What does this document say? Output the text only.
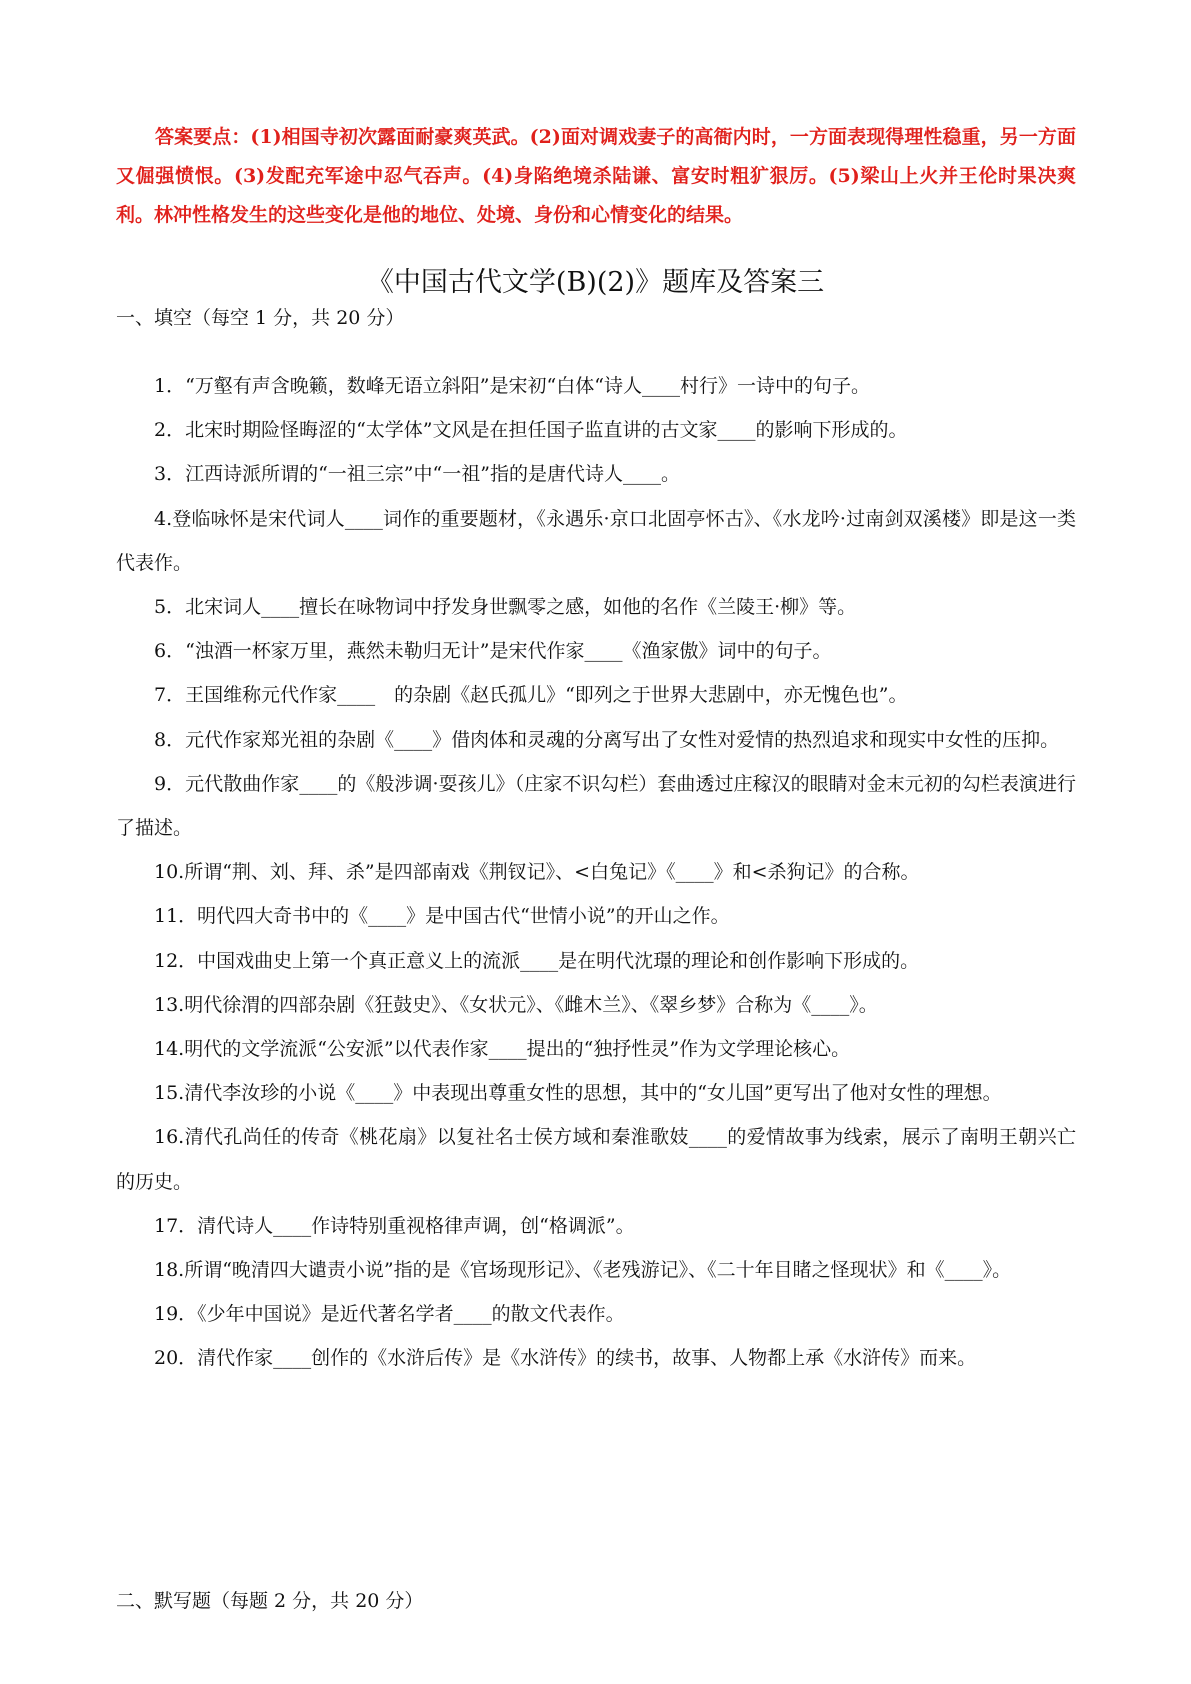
答案要点：(1)相国寺初次露面耐豪爽英武。(2)面对调戏妻子的高衙内时，一方面表现得理性稳重，另一方面又倔强愤恨。(3)发配充军途中忍气吞声。(4)身陷绝境杀陆谦、富安时粗犷狠厉。(5)梁山上火并王伦时果决爽利。林冲性格发生的这些变化是他的地位、处境、身份和心情变化的结果。

《中国古代文学(B)(2)》题库及答案三
一、填空（每空 1 分，共 20 分）
1．“万壑有声含晚籁，数峰无语立斜阳”是宋初“白体“诗人____村行》一诗中的句子。
2．北宋时期险怪晦涩的“太学体”文风是在担任国子监直讲的古文家____的影响下形成的。
3．江西诗派所谓的“一祖三宗”中“一祖”指的是唐代诗人____。
4.登临咏怀是宋代词人____词作的重要题材，《永遇乐·京口北固亭怀古》、《水龙吟·过南剑双溪楼》即是这一类代表作。
5．北宋词人____擅长在咏物词中抒发身世飘零之感，如他的名作《兰陵王·柳》等。
6．“浊酒一杯家万里，燕然未勒归无计”是宋代作家____《渔家傲》词中的句子。
7．王国维称元代作家____　的杂剧《赵氏孤儿》“即列之于世界大悲剧中，亦无愧色也”。
8．元代作家郑光祖的杂剧《____》借肉体和灵魂的分离写出了女性对爱情的热烈追求和现实中女性的压抑。
9．元代散曲作家____的《般涉调·耍孩儿》（庄家不识勾栏）套曲透过庄稼汉的眼睛对金末元初的勾栏表演进行了描述。
10.所谓“荆、刘、拜、杀”是四部南戏《荆钗记》、<白兔记》《____》和<杀狗记》的合称。
11．明代四大奇书中的《____》是中国古代“世情小说”的开山之作。
12．中国戏曲史上第一个真正意义上的流派____是在明代沈璟的理论和创作影响下形成的。
13.明代徐渭的四部杂剧《狂鼓史》、《女状元》、《雌木兰》、《翠乡梦》合称为《____》。
14.明代的文学流派“公安派”以代表作家____提出的“独抒性灵”作为文学理论核心。
15.清代李汝珍的小说《____》中表现出尊重女性的思想，其中的“女儿国”更写出了他对女性的理想。
16.清代孔尚任的传奇《桃花扇》以复社名士侯方域和秦淮歌妓____的爱情故事为线索，展示了南明王朝兴亡的历史。
17．清代诗人____作诗特别重视格律声调，创“格调派”。
18.所谓“晚清四大谴责小说”指的是《官场现形记》、《老残游记》、《二十年目睹之怪现状》和《____》。
19．《少年中国说》是近代著名学者____的散文代表作。
20．清代作家____创作的《水浒后传》是《水浒传》的续书，故事、人物都上承《水浒传》而来。
二、默写题（每题 2 分，共 20 分）
